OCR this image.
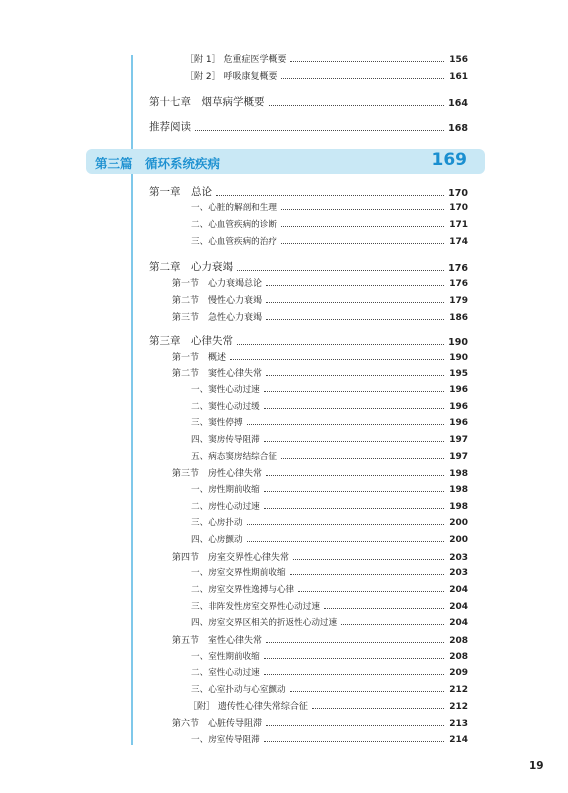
第三篇　循环系统疾病	169
［附 1］ 危重症医学概要	156
［附 2］ 呼吸康复概要	161
第十七章　烟草病学概要	164
推荐阅读	168
第一章　总论	170
一、心脏的解剖和生理	170
二、心血管疾病的诊断	171
三、心血管疾病的治疗	174
第二章　心力衰竭	176
第一节　心力衰竭总论	176
第二节　慢性心力衰竭	179
第三节　急性心力衰竭	186
第三章　心律失常	190
第一节　概述	190
第二节　窦性心律失常	195
一、窦性心动过速	196
二、窦性心动过缓	196
三、窦性停搏	196
四、窦房传导阻滞	197
五、病态窦房结综合征	197
第三节　房性心律失常	198
一、房性期前收缩	198
二、房性心动过速	198
三、心房扑动	200
四、心房颤动	200
第四节　房室交界性心律失常	203
一、房室交界性期前收缩	203
二、房室交界性逸搏与心律	204
三、非阵发性房室交界性心动过速	204
四、房室交界区相关的折返性心动过速	204
第五节　室性心律失常	208
一、室性期前收缩	208
二、室性心动过速	209
三、心室扑动与心室颤动	212
［附］ 遗传性心律失常综合征	212
第六节　心脏传导阻滞	213
一、房室传导阻滞	214
19
